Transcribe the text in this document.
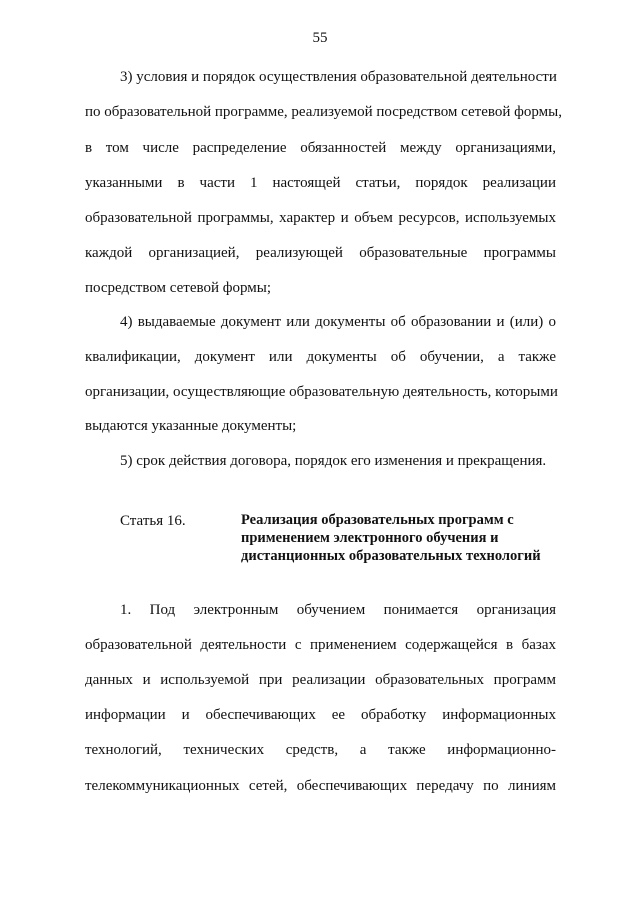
55
3) условия и порядок осуществления образовательной деятельности
по образовательной программе, реализуемой посредством сетевой формы,
в том числе распределение обязанностей между организациями,
указанными в части 1 настоящей статьи, порядок реализации
образовательной программы, характер и объем ресурсов, используемых
каждой организацией, реализующей образовательные программы
посредством сетевой формы;
4) выдаваемые документ или документы об образовании и (или) о
квалификации, документ или документы об обучении, а также
организации, осуществляющие образовательную деятельность, которыми
выдаются указанные документы;
5) срок действия договора, порядок его изменения и прекращения.
Статья 16.	Реализация образовательных программ с
применением электронного обучения и
дистанционных образовательных технологий
1. Под электронным обучением понимается организация
образовательной деятельности с применением содержащейся в базах
данных и используемой при реализации образовательных программ
информации и обеспечивающих ее обработку информационных
технологий, технических средств, а также информационно-
телекоммуникационных сетей, обеспечивающих передачу по линиям
